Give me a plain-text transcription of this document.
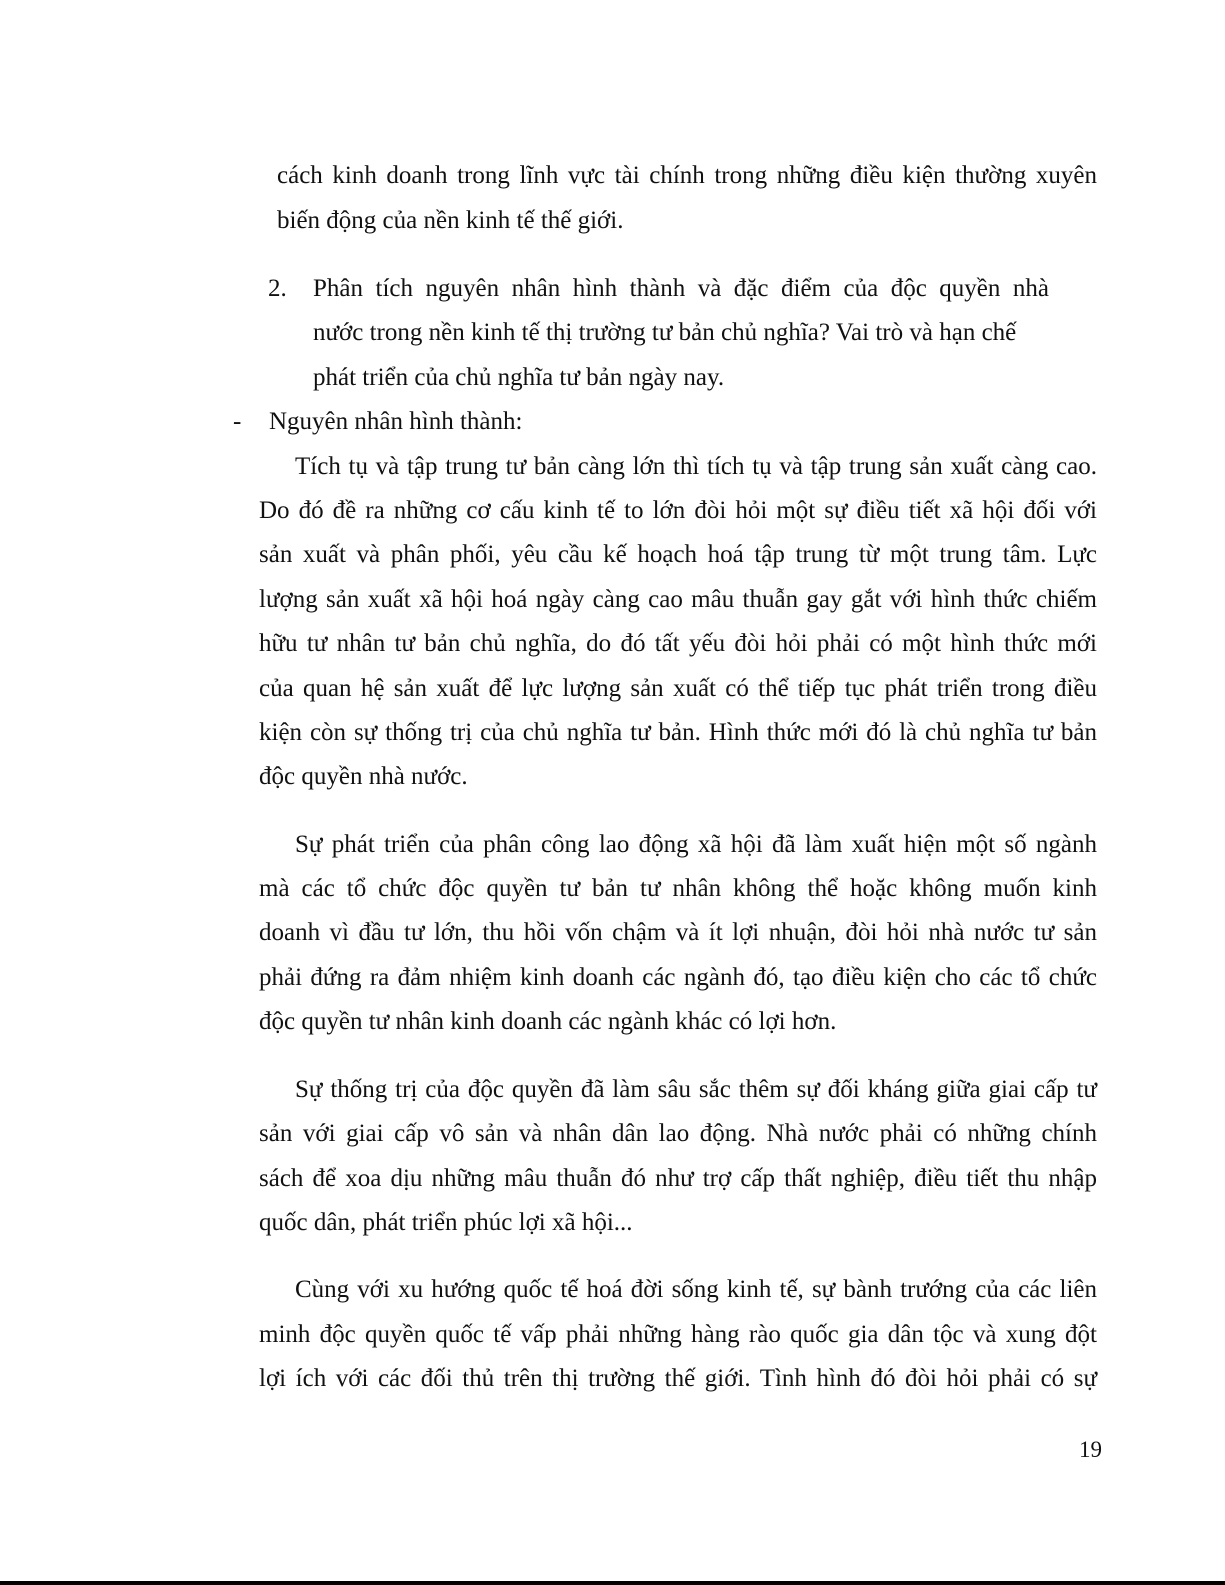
cách kinh doanh trong lĩnh vực tài chính trong những điều kiện thường xuyên
biến động của nền kinh tế thế giới.
2. Phân tích nguyên nhân hình thành và đặc điểm của độc quyền nhà
nước trong nền kinh tế thị trường tư bản chủ nghĩa? Vai trò và hạn chế
phát triển của chủ nghĩa tư bản ngày nay.
- Nguyên nhân hình thành:
Tích tụ và tập trung tư bản càng lớn thì tích tụ và tập trung sản xuất càng cao.
Do đó đề ra những cơ cấu kinh tế to lớn đòi hỏi một sự điều tiết xã hội đối với
sản xuất và phân phối, yêu cầu kế hoạch hoá tập trung từ một trung tâm. Lực
lượng sản xuất xã hội hoá ngày càng cao mâu thuẫn gay gắt với hình thức chiếm
hữu tư nhân tư bản chủ nghĩa, do đó tất yếu đòi hỏi phải có một hình thức mới
của quan hệ sản xuất để lực lượng sản xuất có thể tiếp tục phát triển trong điều
kiện còn sự thống trị của chủ nghĩa tư bản. Hình thức mới đó là chủ nghĩa tư bản
độc quyền nhà nước.
Sự phát triển của phân công lao động xã hội đã làm xuất hiện một số ngành
mà các tổ chức độc quyền tư bản tư nhân không thể hoặc không muốn kinh
doanh vì đầu tư lớn, thu hồi vốn chậm và ít lợi nhuận, đòi hỏi nhà nước tư sản
phải đứng ra đảm nhiệm kinh doanh các ngành đó, tạo điều kiện cho các tổ chức
độc quyền tư nhân kinh doanh các ngành khác có lợi hơn.
Sự thống trị của độc quyền đã làm sâu sắc thêm sự đối kháng giữa giai cấp tư
sản với giai cấp vô sản và nhân dân lao động. Nhà nước phải có những chính
sách để xoa dịu những mâu thuẫn đó như trợ cấp thất nghiệp, điều tiết thu nhập
quốc dân, phát triển phúc lợi xã hội...
Cùng với xu hướng quốc tế hoá đời sống kinh tế, sự bành trướng của các liên
minh độc quyền quốc tế vấp phải những hàng rào quốc gia dân tộc và xung đột
lợi ích với các đối thủ trên thị trường thế giới. Tình hình đó đòi hỏi phải có sự
19
